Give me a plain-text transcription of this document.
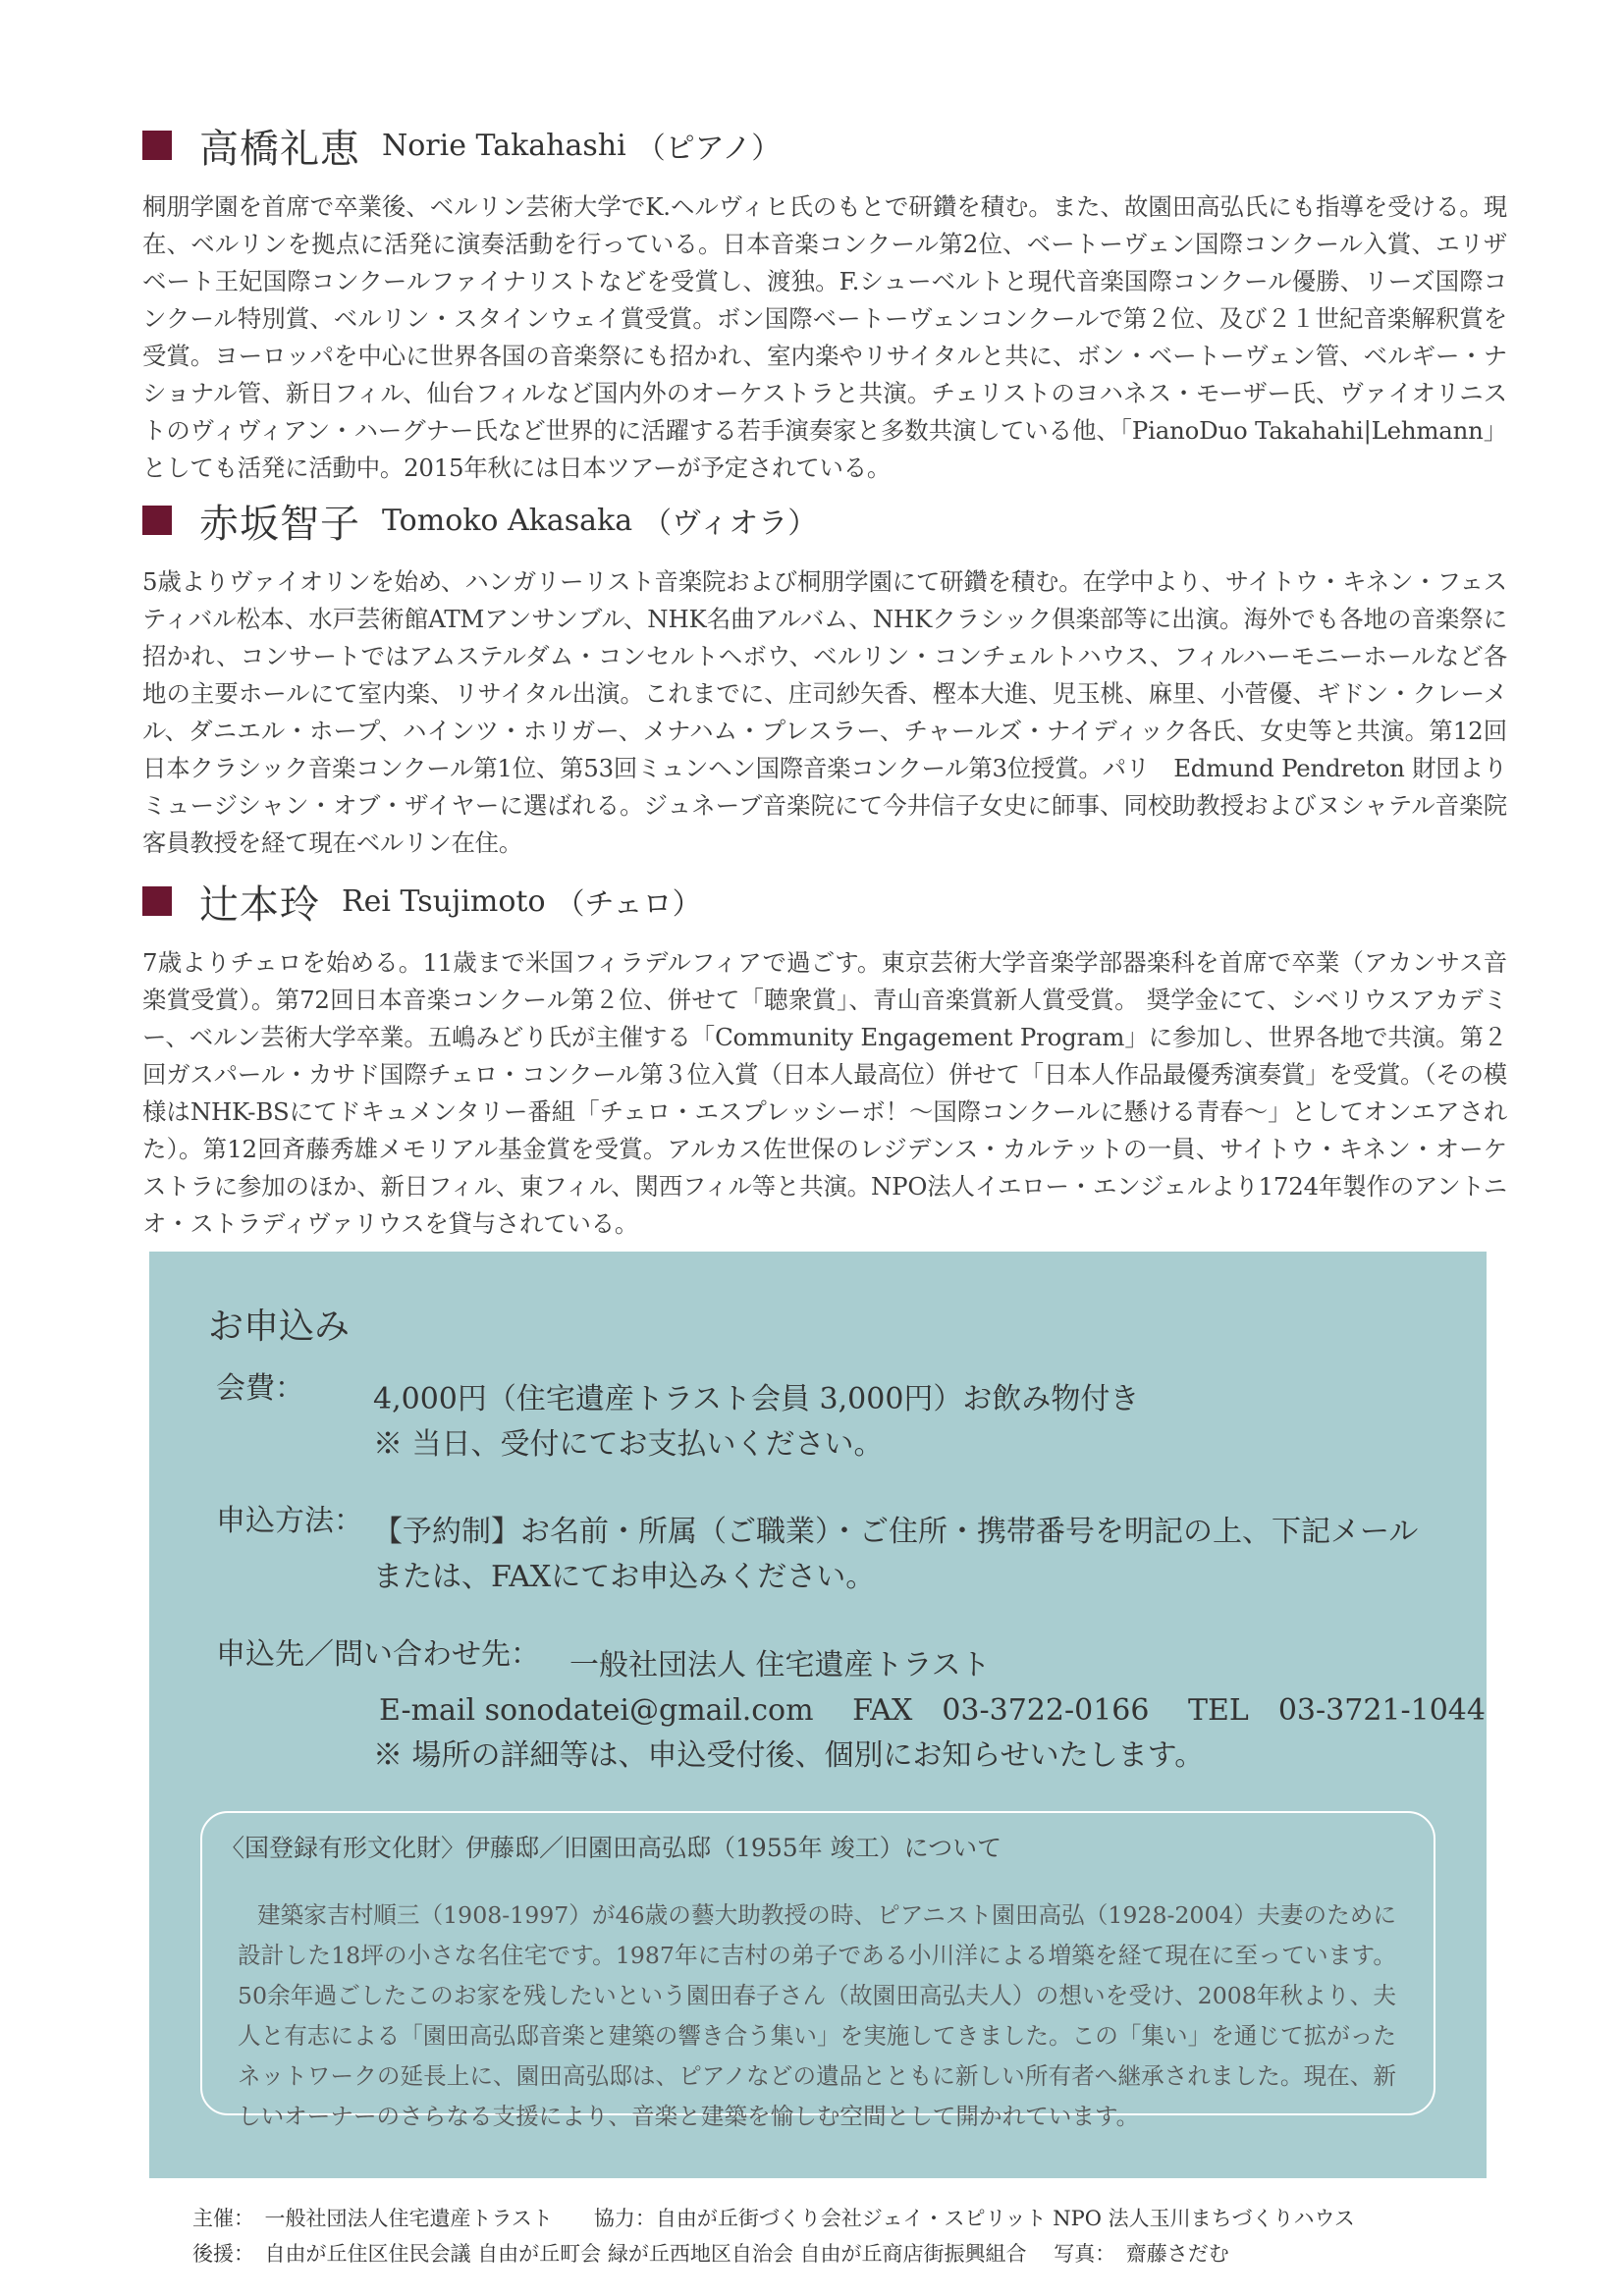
高橋礼恵 Norie Takahashi （ピアノ）

桐朋学園を首席で卒業後、ベルリン芸術大学でK.ヘルヴィヒ氏のもとで研鑽を積む。また、故園田高弘氏にも指導を受ける。現在、ベルリンを拠点に活発に演奏活動を行っている。日本音楽コンクール第2位、ベートーヴェン国際コンクール入賞、エリザベート王妃国際コンクールファイナリストなどを受賞し、渡独。F.シューベルトと現代音楽国際コンクール優勝、リーズ国際コンクール特別賞、ベルリン・スタインウェイ賞受賞。ボン国際ベートーヴェンコンクールで第２位、及び２１世紀音楽解釈賞を受賞。ヨーロッパを中心に世界各国の音楽祭にも招かれ、室内楽やリサイタルと共に、ボン・ベートーヴェン管、ベルギー・ナショナル管、新日フィル、仙台フィルなど国内外のオーケストラと共演。チェリストのヨハネス・モーザー氏、ヴァイオリニストのヴィヴィアン・ハーグナー氏など世界的に活躍する若手演奏家と多数共演している他、「PianoDuo Takahahi|Lehmann」としても活発に活動中。2015年秋には日本ツアーが予定されている。

赤坂智子 Tomoko Akasaka （ヴィオラ）

5歳よりヴァイオリンを始め、ハンガリーリスト音楽院および桐朋学園にて研鑽を積む。在学中より、サイトウ・キネン・フェスティバル松本、水戸芸術館ATMアンサンブル、NHK名曲アルバム、NHKクラシック倶楽部等に出演。海外でも各地の音楽祭に招かれ、コンサートではアムステルダム・コンセルトヘボウ、ベルリン・コンチェルトハウス、フィルハーモニーホールなど各地の主要ホールにて室内楽、リサイタル出演。これまでに、庄司紗矢香、樫本大進、児玉桃、麻里、小菅優、ギドン・クレーメル、ダニエル・ホープ、ハインツ・ホリガー、メナハム・プレスラー、チャールズ・ナイディック各氏、女史等と共演。第12回日本クラシック音楽コンクール第1位、第53回ミュンヘン国際音楽コンクール第3位授賞。パリ　Edmund Pendreton 財団よりミュージシャン・オブ・ザイヤーに選ばれる。ジュネーブ音楽院にて今井信子女史に師事、同校助教授およびヌシャテル音楽院客員教授を経て現在ベルリン在住。

辻本玲 Rei Tsujimoto （チェロ）

7歳よりチェロを始める。11歳まで米国フィラデルフィアで過ごす。東京芸術大学音楽学部器楽科を首席で卒業（アカンサス音楽賞受賞）。第72回日本音楽コンクール第２位、併せて「聴衆賞」、青山音楽賞新人賞受賞。 奨学金にて、シベリウスアカデミー、ベルン芸術大学卒業。五嶋みどり氏が主催する「Community Engagement Program」に参加し、世界各地で共演。第２回ガスパール・カサド国際チェロ・コンクール第３位入賞（日本人最高位）併せて「日本人作品最優秀演奏賞」を受賞。（その模様はNHK-BSにてドキュメンタリー番組「チェロ・エスプレッシーボ！～国際コンクールに懸ける青春～」としてオンエアされた）。第12回斉藤秀雄メモリアル基金賞を受賞。アルカス佐世保のレジデンス・カルテットの一員、サイトウ・キネン・オーケストラに参加のほか、新日フィル、東フィル、関西フィル等と共演。NPO法人イエロー・エンジェルより1724年製作のアントニオ・ストラディヴァリウスを貸与されている。

お申込み
会費： 4,000円（住宅遺産トラスト会員 3,000円）お飲み物付き
※ 当日、受付にてお支払いください。
申込方法： 【予約制】お名前・所属（ご職業）・ご住所・携帯番号を明記の上、下記メール
または、FAXにてお申込みください。
申込先／問い合わせ先： 一般社団法人 住宅遺産トラスト
E-mail sonodatei@gmail.com　 FAX　03-3722-0166　 TEL　03-3721-1044
※ 場所の詳細等は、申込受付後、個別にお知らせいたします。
〈国登録有形文化財〉伊藤邸／旧園田高弘邸（1955年 竣工）について

建築家吉村順三（1908-1997）が46歳の藝大助教授の時、ピアニスト園田高弘（1928-2004）夫妻のために設計した18坪の小さな名住宅です。1987年に吉村の弟子である小川洋による増築を経て現在に至っています。50余年過ごしたこのお家を残したいという園田春子さん（故園田高弘夫人）の想いを受け、2008年秋より、夫人と有志による「園田高弘邸音楽と建築の響き合う集い」を実施してきました。この「集い」を通じて拡がったネットワークの延長上に、園田高弘邸は、ピアノなどの遺品とともに新しい所有者へ継承されました。現在、新しいオーナーのさらなる支援により、音楽と建築を愉しむ空間として開かれています。

主催：　一般社団法人住宅遺産トラスト　　協力：自由が丘街づくり会社ジェイ・スピリット NPO 法人玉川まちづくりハウス
後援：　自由が丘住区住民会議 自由が丘町会 緑が丘西地区自治会 自由が丘商店街振興組合　 写真：　齋藤さだむ
